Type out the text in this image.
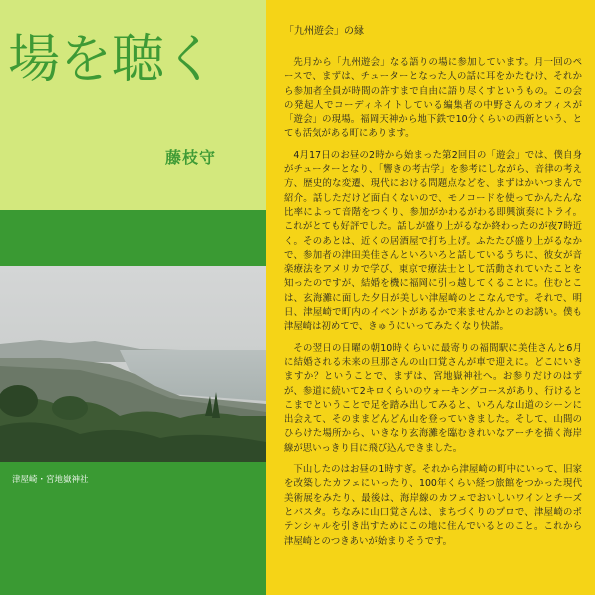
場を聴く
藤枝守
津屋崎・宮地嶽神社
「九州遊会」の縁

先月から「九州遊会」なる語りの場に参加しています。月一回のペースで、まずは、チューターとなった人の話に耳をかたむけ、それから参加者全員が時間の許すまで自由に語り尽くすというもの。この会の発起人でコーディネイトしている編集者の中野さんのオフィスが「遊会」の現場。福岡天神から地下鉄で10分くらいの西新という、とても活気がある町にあります。

4月17日のお昼の2時から始まった第2回目の「遊会」では、僕自身がチューターとなり、「響きの考古学」を参考にしながら、音律の考え方、歴史的な変遷、現代における問題点などを、まずはかいつまんで紹介。話しただけど面白くないので、モノコードを使ってかんたんな比率によって音階をつくり、参加がかわるがわる即興演奏にトライ。これがとても好評でした。話しが盛り上がるなか終わったのが夜7時近く。そのあとは、近くの居酒屋で打ち上げ。ふたたび盛り上がるなかで、参加者の津田美佳さんといろいろと話しているうちに、彼女が音楽療法をアメリカで学び、東京で療法士として活動されていたことを知ったのですが、結婚を機に福岡に引っ越してくることに。住むとこは、玄海灘に面した夕日が美しい津屋崎のとこなんです。それで、明日、津屋崎で町内のイベントがあるかで来ませんかとのお誘い。僕も津屋崎は初めてで、きゅうにいってみたくなり快諾。

その翌日の日曜の朝10時くらいに最寄りの福間駅に美佳さんと6月に結婚される未来の旦那さんの山口覚さんが車で迎えに。どこにいきますか？ということで、まずは、宮地嶽神社へ。お参りだけのはずが、参道に続いて2キロくらいのウォーキングコースがあり、行けるとこまでということで足を踏み出してみると、いろんな山道のシーンに出会えて、そのままどんどん山を登っていきました。そして、山間のひらけた場所から、いきなり玄海灘を臨むきれいなアーチを描く海岸線が思いっきり目に飛び込んできました。

下山したのはお昼の1時すぎ。それから津屋崎の町中にいって、旧家を改築したカフェにいったり、100年くらい経つ旅館をつかった現代美術展をみたり、最後は、海岸線のカフェでおいしいワインとチーズとパスタ。ちなみに山口覚さんは、まちづくりのプロで、津屋崎のポテンシャルを引き出すためにこの地に住んでいるとのこと。これから津屋崎とのつきあいが始まりそうです。
